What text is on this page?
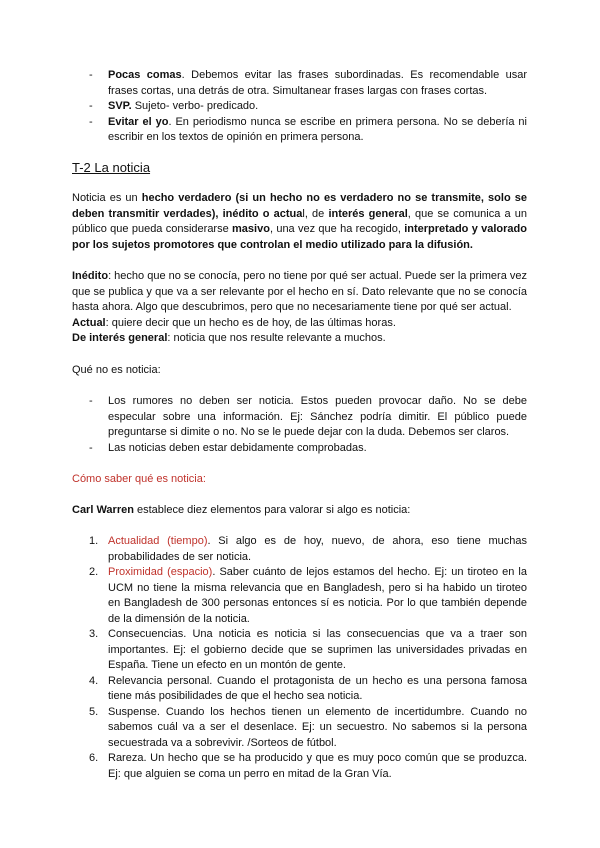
- Pocas comas. Debemos evitar las frases subordinadas. Es recomendable usar frases cortas, una detrás de otra. Simultanear frases largas con frases cortas.

- SVP. Sujeto- verbo- predicado.

- Evitar el yo. En periodismo nunca se escribe en primera persona. No se debería ni escribir en los textos de opinión en primera persona.

T-2 La noticia

Noticia es un hecho verdadero (si un hecho no es verdadero no se transmite, solo se deben transmitir verdades), inédito o actual, de interés general, que se comunica a un público que pueda considerarse masivo, una vez que ha recogido, interpretado y valorado por los sujetos promotores que controlan el medio utilizado para la difusión.

Inédito: hecho que no se conocía, pero no tiene por qué ser actual. Puede ser la primera vez que se publica y que va a ser relevante por el hecho en sí. Dato relevante que no se conocía hasta ahora. Algo que descubrimos, pero que no necesariamente tiene por qué ser actual.

Actual: quiere decir que un hecho es de hoy, de las últimas horas.

De interés general: noticia que nos resulte relevante a muchos.

Qué no es noticia:

- Los rumores no deben ser noticia. Estos pueden provocar daño. No se debe especular sobre una información. Ej: Sánchez podría dimitir. El público puede preguntarse si dimite o no. No se le puede dejar con la duda. Debemos ser claros.

- Las noticias deben estar debidamente comprobadas.

Cómo saber qué es noticia:

Carl Warren establece diez elementos para valorar si algo es noticia:

1. Actualidad (tiempo). Si algo es de hoy, nuevo, de ahora, eso tiene muchas probabilidades de ser noticia.

2. Proximidad (espacio). Saber cuánto de lejos estamos del hecho. Ej: un tiroteo en la UCM no tiene la misma relevancia que en Bangladesh, pero si ha habido un tiroteo en Bangladesh de 300 personas entonces sí es noticia. Por lo que también depende de la dimensión de la noticia.

3. Consecuencias. Una noticia es noticia si las consecuencias que va a traer son importantes. Ej: el gobierno decide que se suprimen las universidades privadas en España. Tiene un efecto en un montón de gente.

4. Relevancia personal. Cuando el protagonista de un hecho es una persona famosa tiene más posibilidades de que el hecho sea noticia.

5. Suspense. Cuando los hechos tienen un elemento de incertidumbre. Cuando no sabemos cuál va a ser el desenlace. Ej: un secuestro. No sabemos si la persona secuestrada va a sobrevivir. /Sorteos de fútbol.

6. Rareza. Un hecho que se ha producido y que es muy poco común que se produzca. Ej: que alguien se coma un perro en mitad de la Gran Vía.
